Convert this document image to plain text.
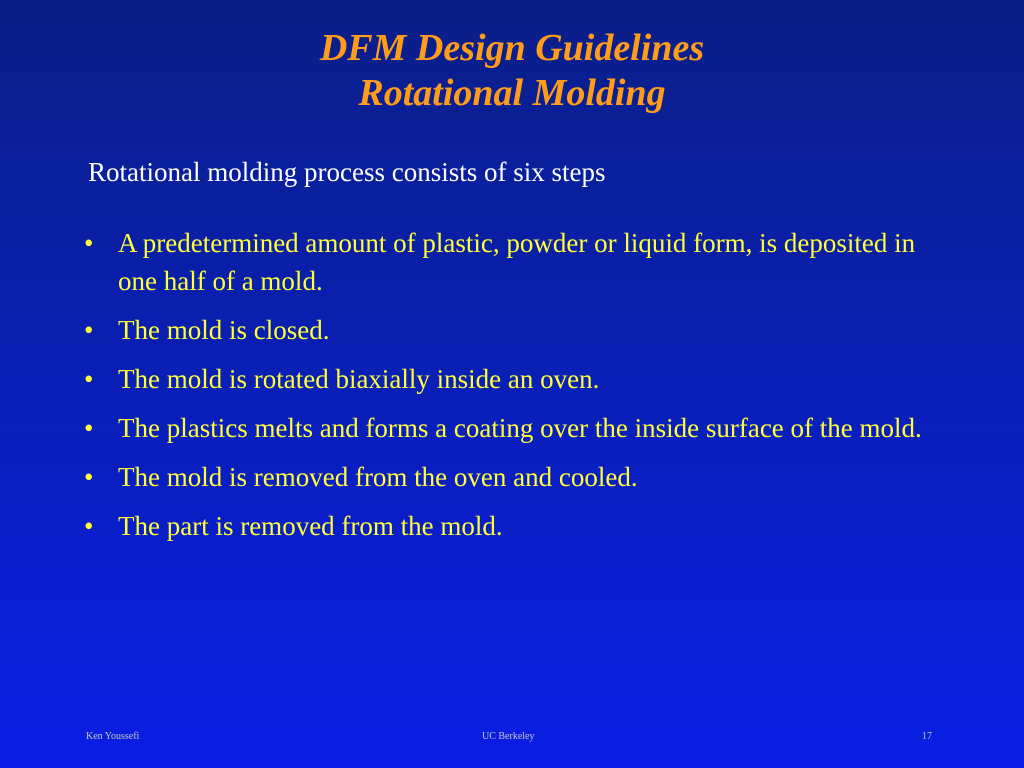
DFM Design Guidelines
Rotational Molding
Rotational molding process consists of six steps
• A predetermined amount of plastic, powder or liquid form, is deposited in one half of a mold.
• The mold is closed.
• The mold is rotated biaxially inside an oven.
• The plastics melts and forms a coating over the inside surface of the mold.
• The mold is removed from the oven and cooled.
• The part is removed from the mold.
Ken Youssefi	UC Berkeley	17
